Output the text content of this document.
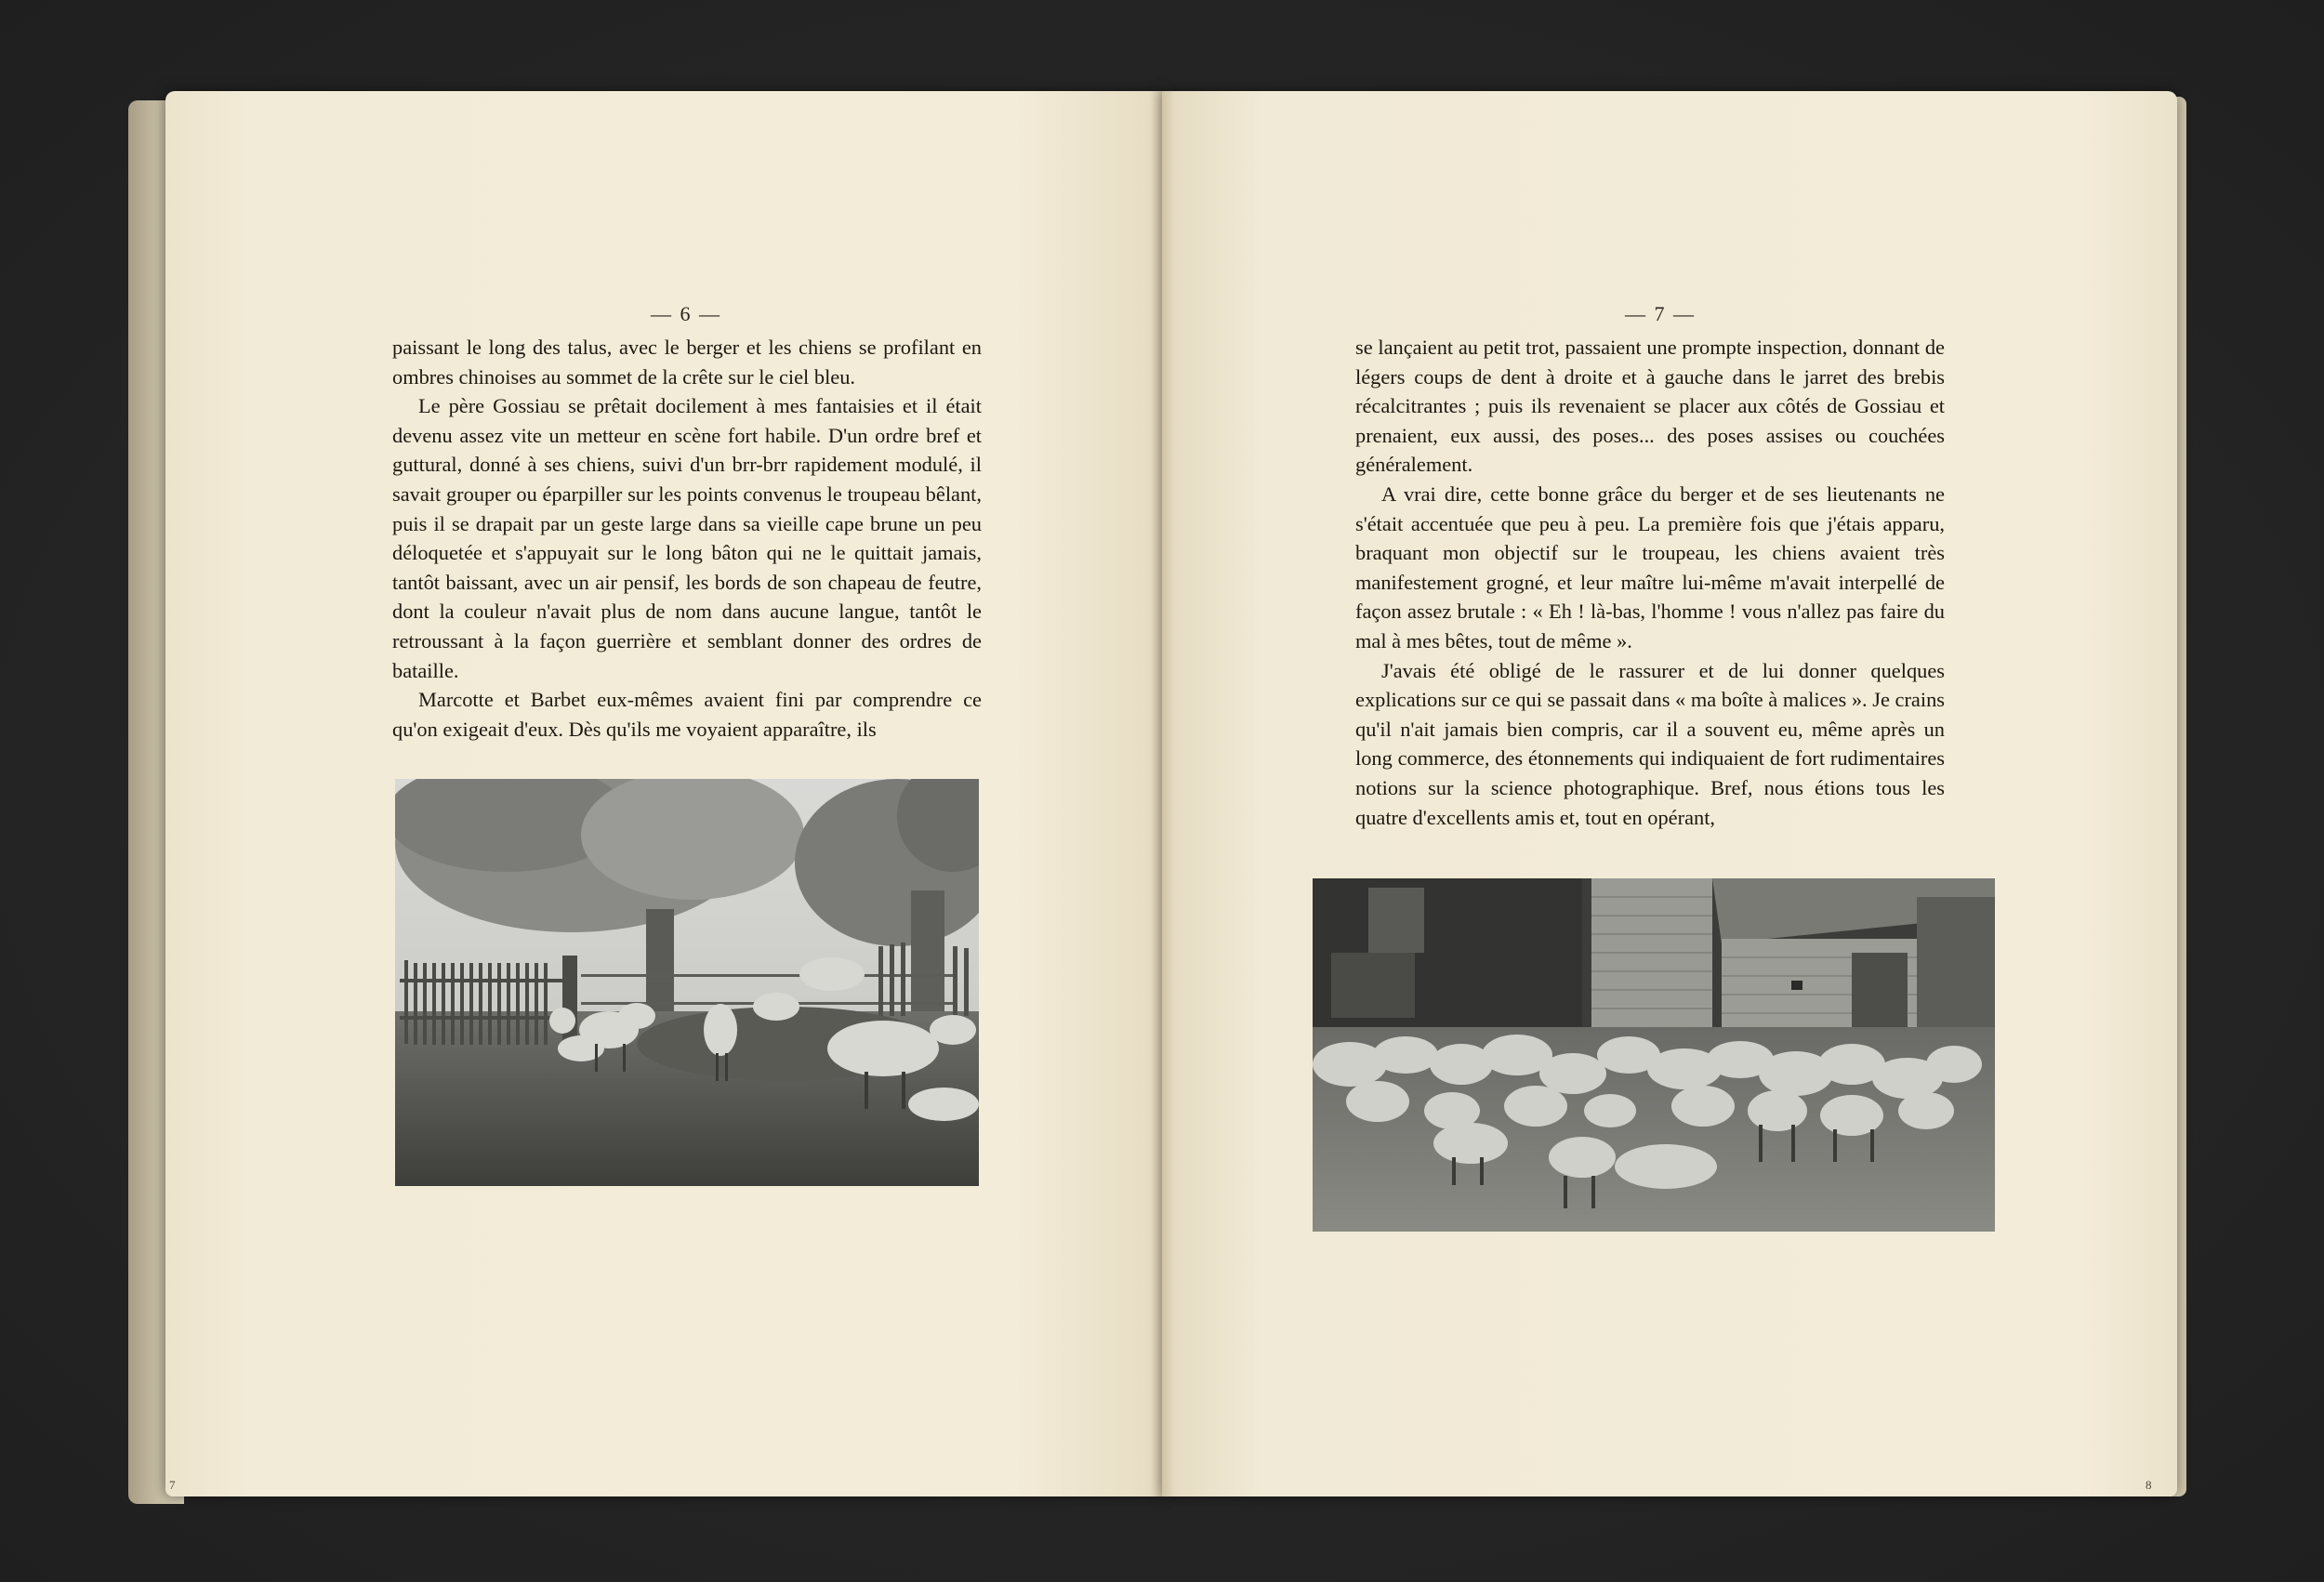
— 6 —

paissant le long des talus, avec le berger et les chiens se profilant en ombres chinoises au sommet de la crête sur le ciel bleu.

Le père Gossiau se prêtait docilement à mes fantaisies et il était devenu assez vite un metteur en scène fort habile. D'un ordre bref et guttural, donné à ses chiens, suivi d'un brr-brr rapidement modulé, il savait grouper ou éparpiller sur les points convenus le troupeau bêlant, puis il se drapait par un geste large dans sa vieille cape brune un peu déloquetée et s'appuyait sur le long bâton qui ne le quittait jamais, tantôt baissant, avec un air pensif, les bords de son chapeau de feutre, dont la couleur n'avait plus de nom dans aucune langue, tantôt le retroussant à la façon guerrière et semblant donner des ordres de bataille.

Marcotte et Barbet eux-mêmes avaient fini par comprendre ce qu'on exigeait d'eux. Dès qu'ils me voyaient apparaître, ils

— 7 —

se lançaient au petit trot, passaient une prompte inspection, donnant de légers coups de dent à droite et à gauche dans le jarret des brebis récalcitrantes ; puis ils revenaient se placer aux côtés de Gossiau et prenaient, eux aussi, des poses... des poses assises ou couchées généralement.

A vrai dire, cette bonne grâce du berger et de ses lieutenants ne s'était accentuée que peu à peu. La première fois que j'étais apparu, braquant mon objectif sur le troupeau, les chiens avaient très manifestement grogné, et leur maître lui-même m'avait interpellé de façon assez brutale : « Eh ! là-bas, l'homme ! vous n'allez pas faire du mal à mes bêtes, tout de même ».

J'avais été obligé de le rassurer et de lui donner quelques explications sur ce qui se passait dans « ma boîte à malices ». Je crains qu'il n'ait jamais bien compris, car il a souvent eu, même après un long commerce, des étonnements qui indiquaient de fort rudimentaires notions sur la science photographique. Bref, nous étions tous les quatre d'excellents amis et, tout en opérant,

7	8
